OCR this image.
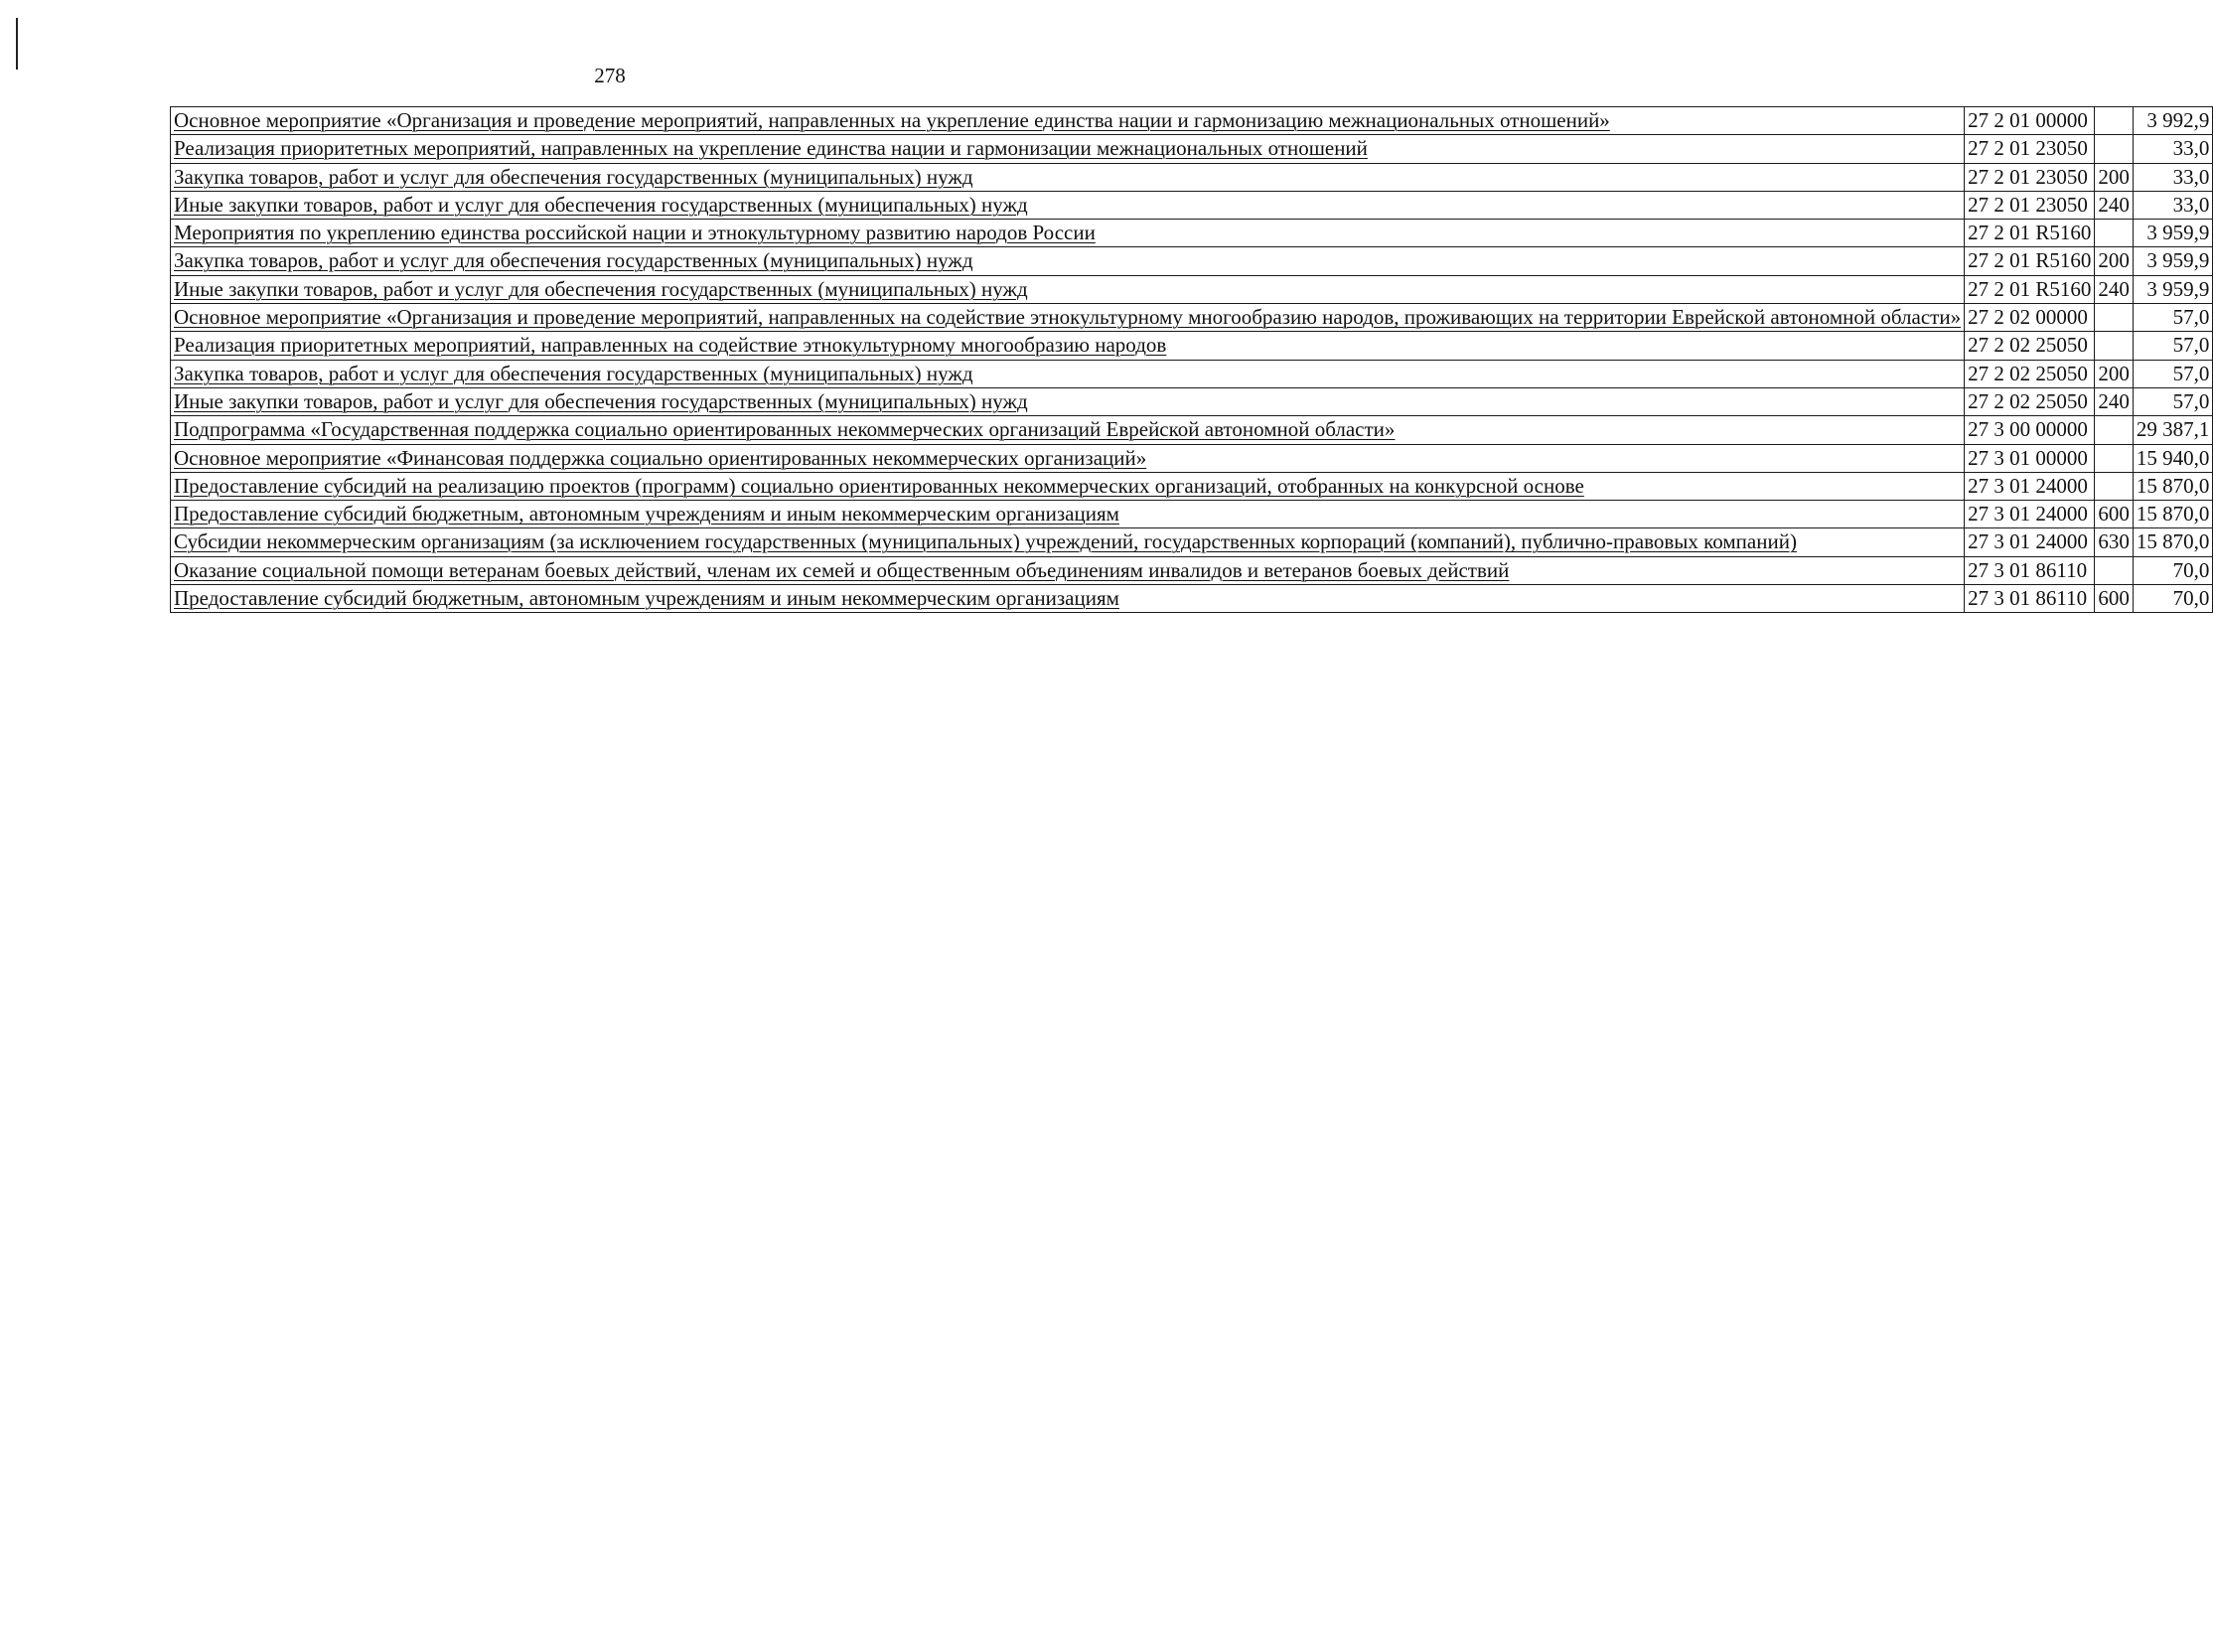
278
Основное мероприятие «Организация и проведение мероприятий, направленных на укрепление единства нации и гармонизацию межнациональных отношений»	27 2 01 00000		3 992,9

Реализация приоритетных мероприятий, направленных на укрепление единства нации и гармонизации межнациональных отношений	27 2 01 23050		33,0

Закупка товаров, работ и услуг для обеспечения государственных (муниципальных) нужд	27 2 01 23050	200	33,0

Иные закупки товаров, работ и услуг для обеспечения государственных (муниципальных) нужд	27 2 01 23050	240	33,0

Мероприятия по укреплению единства российской нации и этнокультурному развитию народов России	27 2 01 R5160		3 959,9

Закупка товаров, работ и услуг для обеспечения государственных (муниципальных) нужд	27 2 01 R5160	200	3 959,9

Иные закупки товаров, работ и услуг для обеспечения государственных (муниципальных) нужд	27 2 01 R5160	240	3 959,9

Основное мероприятие «Организация и проведение мероприятий, направленных на содействие этнокультурному многообразию народов, проживающих на территории Еврейской автономной области»	27 2 02 00000		57,0

Реализация приоритетных мероприятий, направленных на содействие этнокультурному многообразию народов	27 2 02 25050		57,0

Закупка товаров, работ и услуг для обеспечения государственных (муниципальных) нужд	27 2 02 25050	200	57,0

Иные закупки товаров, работ и услуг для обеспечения государственных (муниципальных) нужд	27 2 02 25050	240	57,0

Подпрограмма «Государственная поддержка социально ориентированных некоммерческих организаций Еврейской автономной области»	27 3 00 00000		29 387,1

Основное мероприятие «Финансовая поддержка социально ориентированных некоммерческих организаций»	27 3 01 00000		15 940,0

Предоставление субсидий на реализацию проектов (программ) социально ориентированных некоммерческих организаций, отобранных на конкурсной основе	27 3 01 24000		15 870,0

Предоставление субсидий бюджетным, автономным учреждениям и иным некоммерческим организациям	27 3 01 24000	600	15 870,0

Субсидии некоммерческим организациям (за исключением государственных (муниципальных) учреждений, государственных корпораций (компаний), публично-правовых компаний)	27 3 01 24000	630	15 870,0

Оказание социальной помощи ветеранам боевых действий, членам их семей и общественным объединениям инвалидов и ветеранов боевых действий	27 3 01 86110		70,0

Предоставление субсидий бюджетным, автономным учреждениям и иным некоммерческим организациям	27 3 01 86110	600	70,0
